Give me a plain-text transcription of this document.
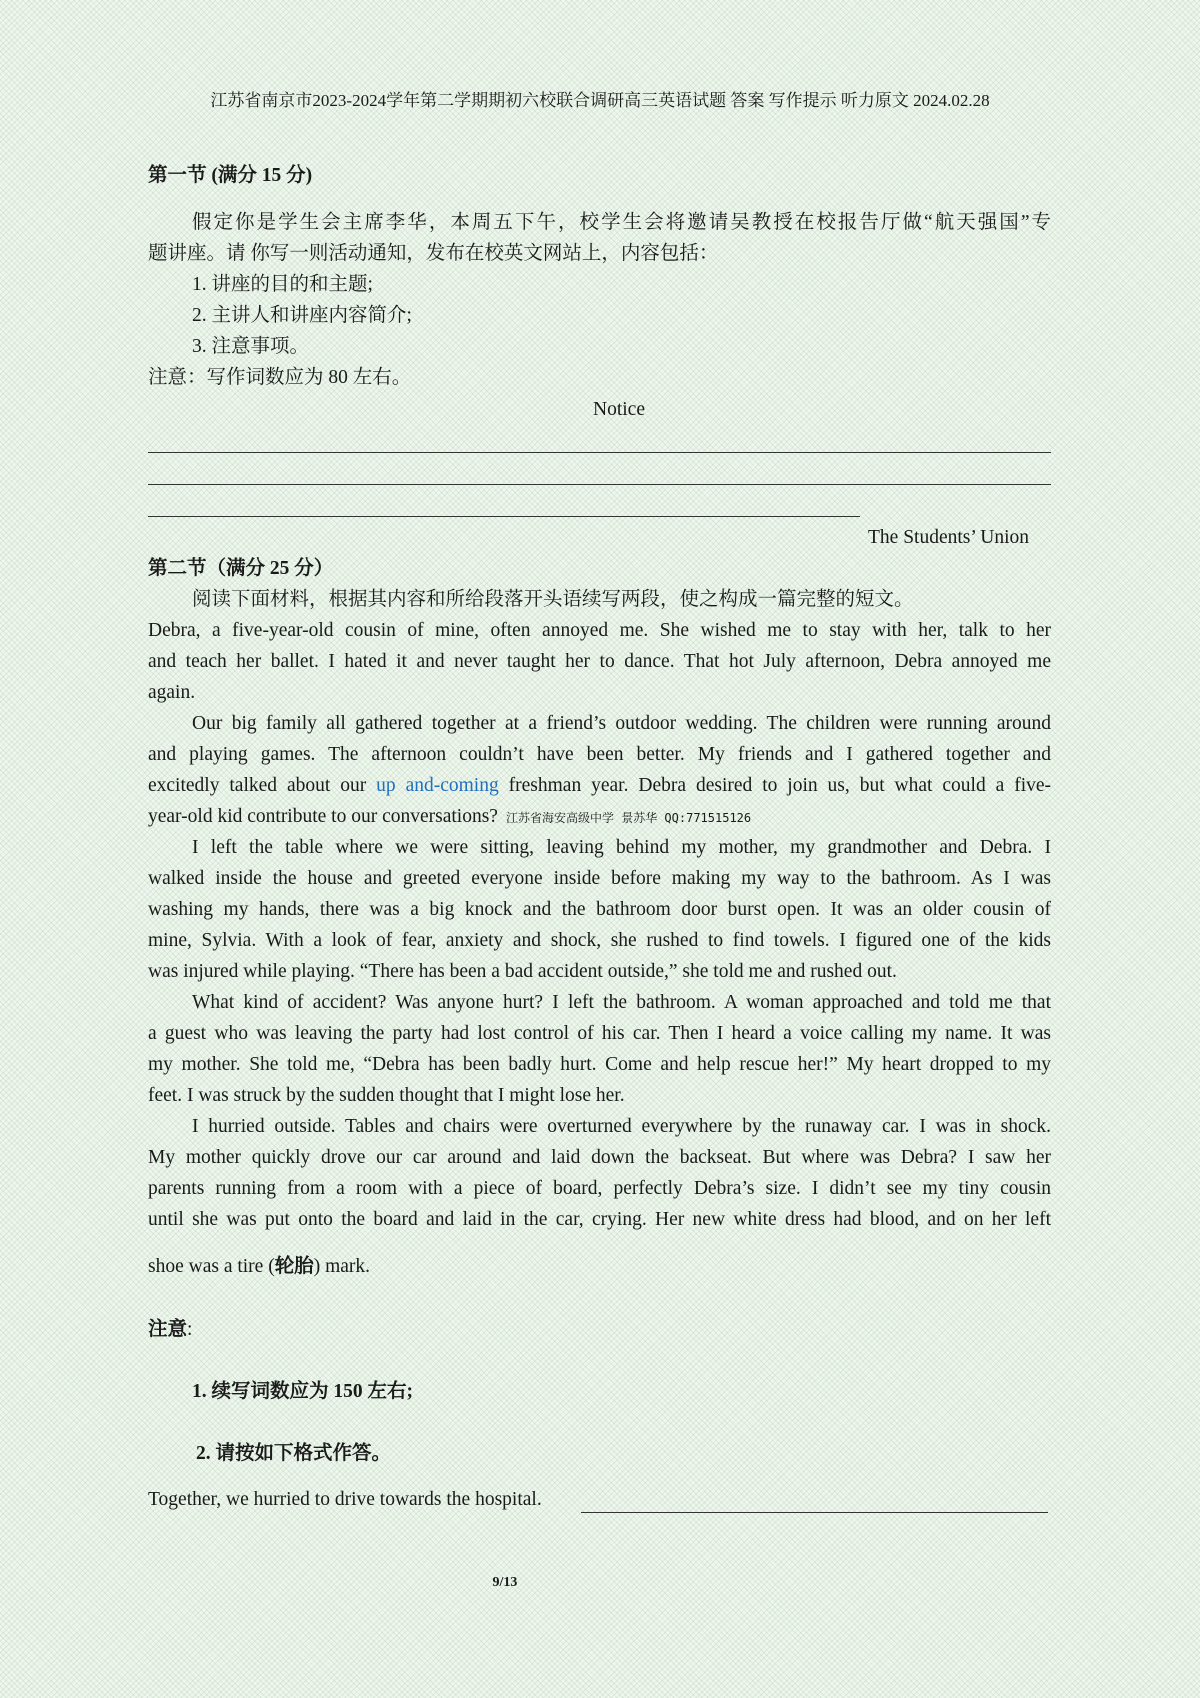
江苏省南京市2023-2024学年第二学期期初六校联合调研高三英语试题 答案 写作提示 听力原文 2024.02.28
第一节 (满分 15 分)
假定你是学生会主席李华，本周五下午，校学生会将邀请吴教授在校报告厅做“航天强国”专
题讲座。请 你写一则活动通知，发布在校英文网站上，内容包括：
1. 讲座的目的和主题;
2. 主讲人和讲座内容简介;
3. 注意事项。
注意：写作词数应为 80 左右。
Notice
The Students’ Union
第二节（满分 25 分）
阅读下面材料，根据其内容和所给段落开头语续写两段，使之构成一篇完整的短文。
Debra, a five-year-old cousin of mine, often annoyed me. She wished me to stay with her, talk to her
and teach her ballet. I hated it and never taught her to dance. That hot July afternoon, Debra annoyed me
again.
Our big family all gathered together at a friend’s outdoor wedding. The children were running around
and playing games. The afternoon couldn’t have been better. My friends and I gathered together and
excitedly talked about our up and-coming freshman year. Debra desired to join us, but what could a five-
year-old kid contribute to our conversations? 江苏省海安高级中学 景苏华 QQ:771515126
I left the table where we were sitting, leaving behind my mother, my grandmother and Debra. I
walked inside the house and greeted everyone inside before making my way to the bathroom. As I was
washing my hands, there was a big knock and the bathroom door burst open. It was an older cousin of
mine, Sylvia. With a look of fear, anxiety and shock, she rushed to find towels. I figured one of the kids
was injured while playing. “There has been a bad accident outside,” she told me and rushed out.
What kind of accident? Was anyone hurt? I left the bathroom. A woman approached and told me that
a guest who was leaving the party had lost control of his car. Then I heard a voice calling my name. It was
my mother. She told me, “Debra has been badly hurt. Come and help rescue her!” My heart dropped to my
feet. I was struck by the sudden thought that I might lose her.
I hurried outside. Tables and chairs were overturned everywhere by the runaway car. I was in shock.
My mother quickly drove our car around and laid down the backseat. But where was Debra? I saw her
parents running from a room with a piece of board, perfectly Debra’s size. I didn’t see my tiny cousin
until she was put onto the board and laid in the car, crying. Her new white dress had blood, and on her left
shoe was a tire (轮胎) mark.
注意:
1. 续写词数应为 150 左右;
2. 请按如下格式作答。
Together, we hurried to drive towards the hospital.
9/13
